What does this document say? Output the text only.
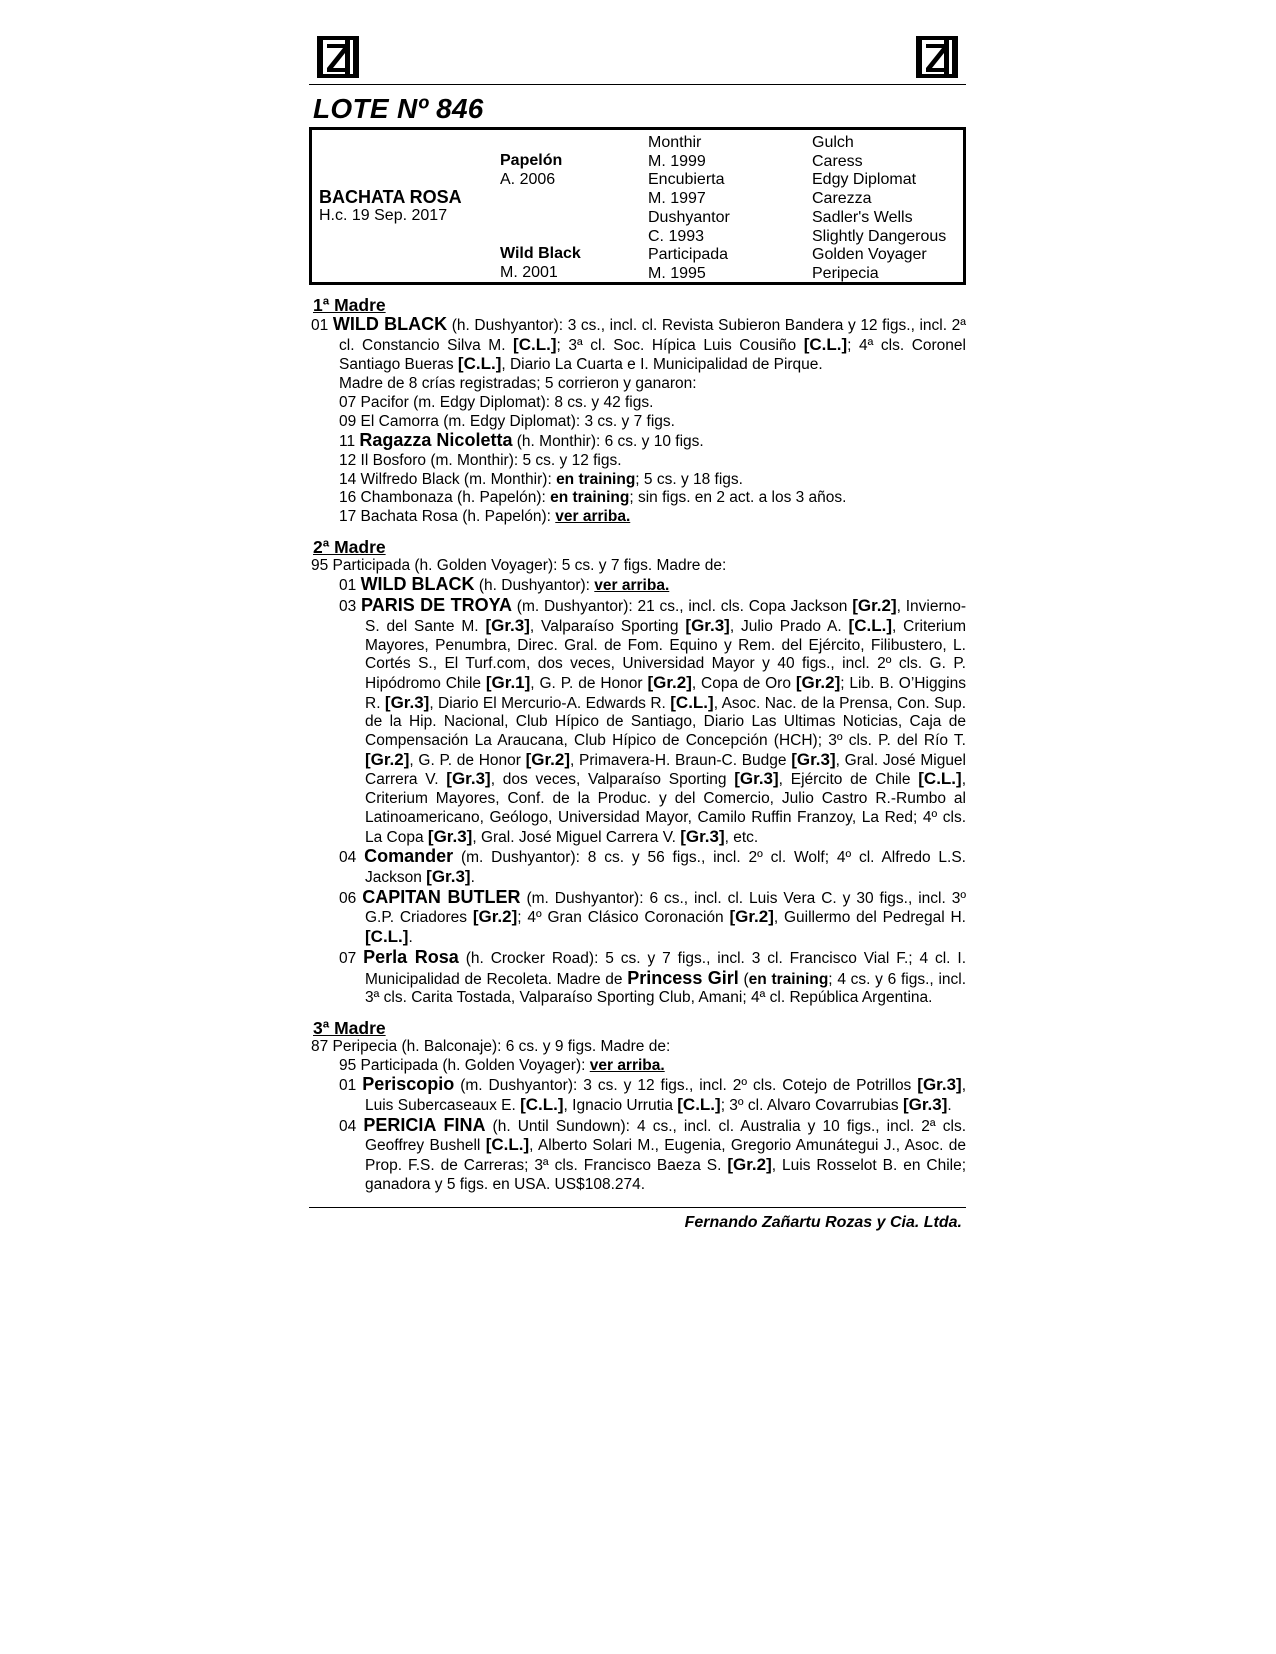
LOTE Nº 846
BACHATA ROSA
H.c. 19 Sep. 2017
Papelón
A. 2006
Wild Black
M. 2001
Monthir
M. 1999
Encubierta
M. 1997
Dushyantor
C. 1993
Participada
M. 1995
Gulch
Caress
Edgy Diplomat
Carezza
Sadler's Wells
Slightly Dangerous
Golden Voyager
Peripecia
1ª Madre
01 WILD BLACK (h. Dushyantor): 3 cs., incl. cl. Revista Subieron Bandera y 12 figs., incl. 2ª cl. Constancio Silva M. [C.L.]; 3ª cl. Soc. Hípica Luis Cousiño [C.L.]; 4ª cls. Coronel Santiago Bueras [C.L.], Diario La Cuarta e I. Municipalidad de Pirque.
Madre de 8 crías registradas; 5 corrieron y ganaron:
07 Pacifor (m. Edgy Diplomat): 8 cs. y 42 figs.
09 El Camorra (m. Edgy Diplomat): 3 cs. y 7 figs.
11 Ragazza Nicoletta (h. Monthir): 6 cs. y 10 figs.
12 Il Bosforo (m. Monthir): 5 cs. y 12 figs.
14 Wilfredo Black (m. Monthir): en training; 5 cs. y 18 figs.
16 Chambonaza (h. Papelón): en training; sin figs. en 2 act. a los 3 años.
17 Bachata Rosa (h. Papelón): ver arriba.
2ª Madre
95 Participada (h. Golden Voyager): 5 cs. y 7 figs. Madre de:
01 WILD BLACK (h. Dushyantor): ver arriba.
03 PARIS DE TROYA (m. Dushyantor): 21 cs., incl. cls. Copa Jackson [Gr.2], Invierno-S. del Sante M. [Gr.3], Valparaíso Sporting [Gr.3], Julio Prado A. [C.L.], Criterium Mayores, Penumbra, Direc. Gral. de Fom. Equino y Rem. del Ejército, Filibustero, L. Cortés S., El Turf.com, dos veces, Universidad Mayor y 40 figs., incl. 2º cls. G. P. Hipódromo Chile [Gr.1], G. P. de Honor [Gr.2], Copa de Oro [Gr.2]; Lib. B. O’Higgins R. [Gr.3], Diario El Mercurio-A. Edwards R. [C.L.], Asoc. Nac. de la Prensa, Con. Sup. de la Hip. Nacional, Club Hípico de Santiago, Diario Las Ultimas Noticias, Caja de Compensación La Araucana, Club Hípico de Concepción (HCH); 3º cls. P. del Río T. [Gr.2], G. P. de Honor [Gr.2], Primavera-H. Braun-C. Budge [Gr.3], Gral. José Miguel Carrera V. [Gr.3], dos veces, Valparaíso Sporting [Gr.3], Ejército de Chile [C.L.], Criterium Mayores, Conf. de la Produc. y del Comercio, Julio Castro R.-Rumbo al Latinoamericano, Geólogo, Universidad Mayor, Camilo Ruffin Franzoy, La Red; 4º cls. La Copa [Gr.3], Gral. José Miguel Carrera V. [Gr.3], etc.
04 Comander (m. Dushyantor): 8 cs. y 56 figs., incl. 2º cl. Wolf; 4º cl. Alfredo L.S. Jackson [Gr.3].
06 CAPITAN BUTLER (m. Dushyantor): 6 cs., incl. cl. Luis Vera C. y 30 figs., incl. 3º G.P. Criadores [Gr.2]; 4º Gran Clásico Coronación [Gr.2], Guillermo del Pedregal H. [C.L.].
07 Perla Rosa (h. Crocker Road): 5 cs. y 7 figs., incl. 3 cl. Francisco Vial F.; 4 cl. I. Municipalidad de Recoleta. Madre de Princess Girl (en training; 4 cs. y 6 figs., incl. 3ª cls. Carita Tostada, Valparaíso Sporting Club, Amani; 4ª cl. República Argentina.
3ª Madre
87 Peripecia (h. Balconaje): 6 cs. y 9 figs. Madre de:
95 Participada (h. Golden Voyager): ver arriba.
01 Periscopio (m. Dushyantor): 3 cs. y 12 figs., incl. 2º cls. Cotejo de Potrillos [Gr.3], Luis Subercaseaux E. [C.L.], Ignacio Urrutia [C.L.]; 3º cl. Alvaro Covarrubias [Gr.3].
04 PERICIA FINA (h. Until Sundown): 4 cs., incl. cl. Australia y 10 figs., incl. 2ª cls. Geoffrey Bushell [C.L.], Alberto Solari M., Eugenia, Gregorio Amunátegui J., Asoc. de Prop. F.S. de Carreras; 3ª cls. Francisco Baeza S. [Gr.2], Luis Rosselot B. en Chile; ganadora y 5 figs. en USA. US$108.274.
Fernando Zañartu Rozas y Cia. Ltda.
